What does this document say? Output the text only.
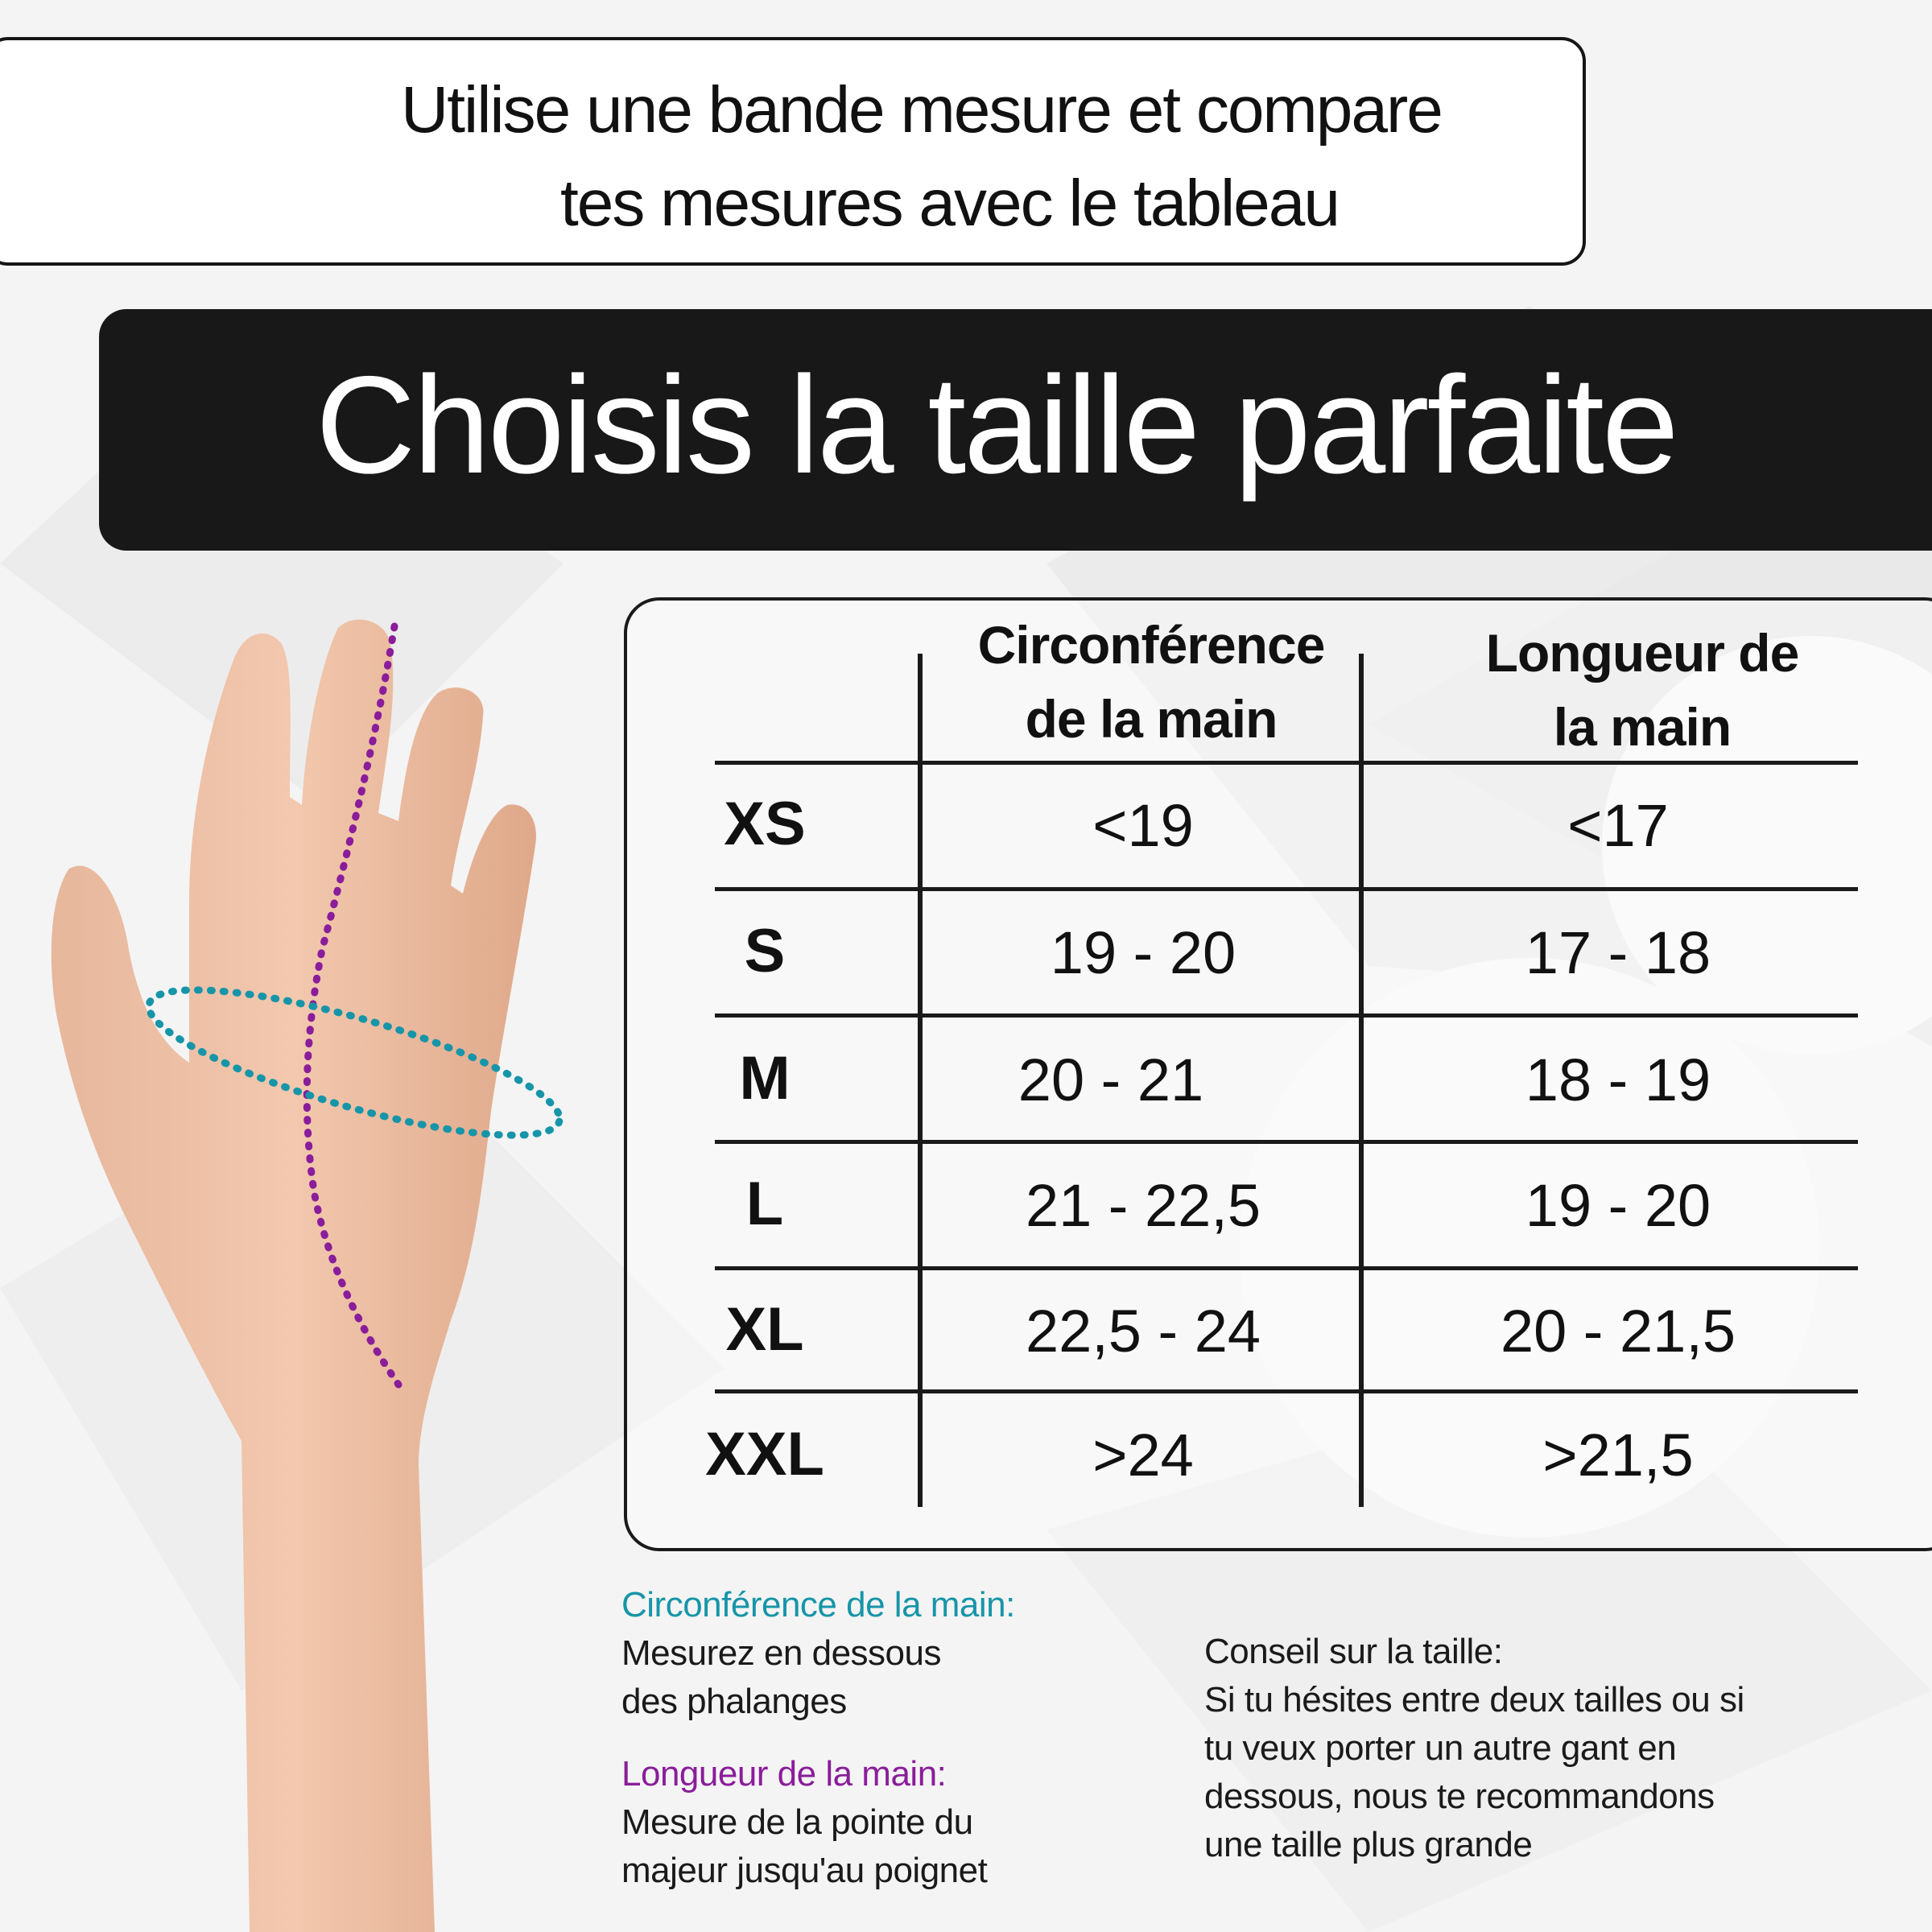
Utilise une bande mesure et compare
tes mesures avec le tableau
Choisis la taille parfaite
Circonférence
de la main
Longueur de
la main
XS	<19	<17
S	19 - 20	17 - 18
M	20 - 21	18 - 19
L	21 - 22,5	19 - 20
XL	22,5 - 24	20 - 21,5
XXL	>24	>21,5
Circonférence de la main:
Mesurez en dessous
des phalanges
Longueur de la main:
Mesure de la pointe du
majeur jusqu'au poignet
Conseil sur la taille:
Si tu hésites entre deux tailles ou si
tu veux porter un autre gant en
dessous, nous te recommandons
une taille plus grande
